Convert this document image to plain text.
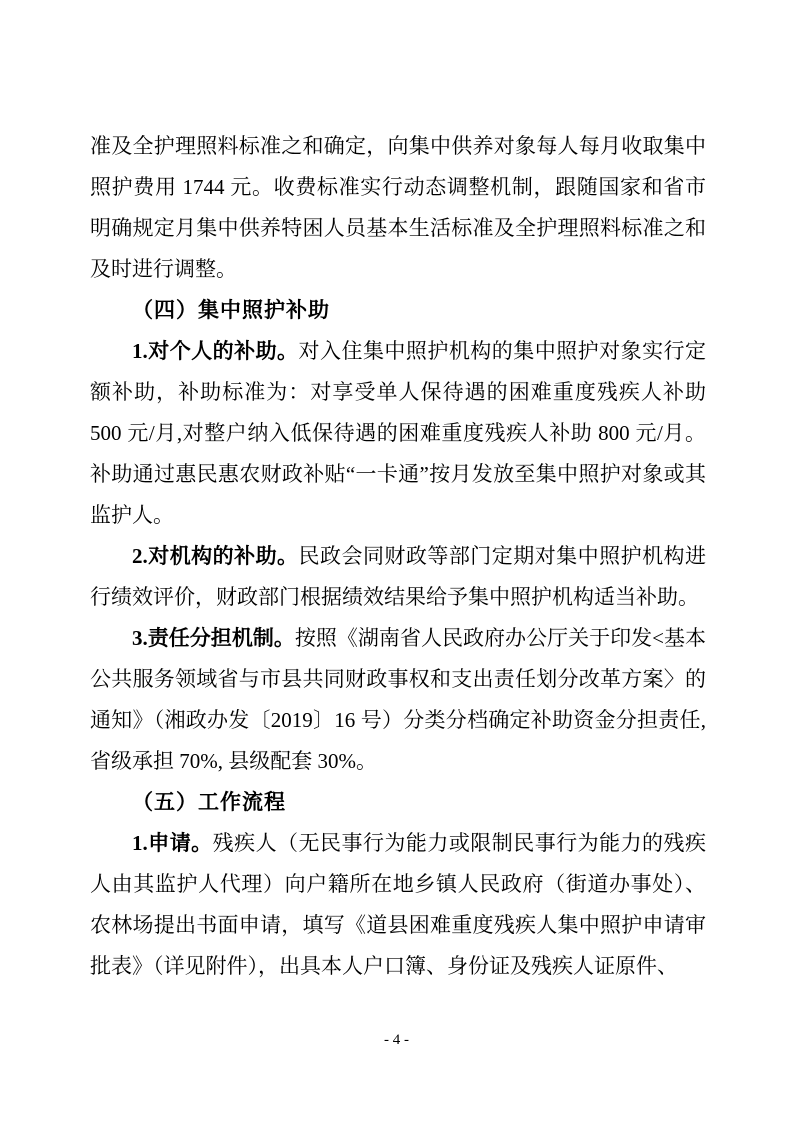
准及全护理照料标准之和确定，向集中供养对象每人每月收取集中照护费用 1744 元。收费标准实行动态调整机制，跟随国家和省市明确规定月集中供养特困人员基本生活标准及全护理照料标准之和及时进行调整。

（四）集中照护补助

1.对个人的补助。对入住集中照护机构的集中照护对象实行定额补助，补助标准为：对享受单人保待遇的困难重度残疾人补助 500 元/月,对整户纳入低保待遇的困难重度残疾人补助 800 元/月。补助通过惠民惠农财政补贴“一卡通”按月发放至集中照护对象或其监护人。

2.对机构的补助。民政会同财政等部门定期对集中照护机构进行绩效评价，财政部门根据绩效结果给予集中照护机构适当补助。

3.责任分担机制。按照《湖南省人民政府办公厅关于印发<基本公共服务领域省与市县共同财政事权和支出责任划分改革方案〉的通知》（湘政办发〔2019〕16 号）分类分档确定补助资金分担责任,省级承担 70%, 县级配套 30%。

（五）工作流程

1.申请。残疾人（无民事行为能力或限制民事行为能力的残疾人由其监护人代理）向户籍所在地乡镇人民政府（街道办事处）、农林场提出书面申请，填写《道县困难重度残疾人集中照护申请审批表》（详见附件），出具本人户口簿、身份证及残疾人证原件、

- 4 -
